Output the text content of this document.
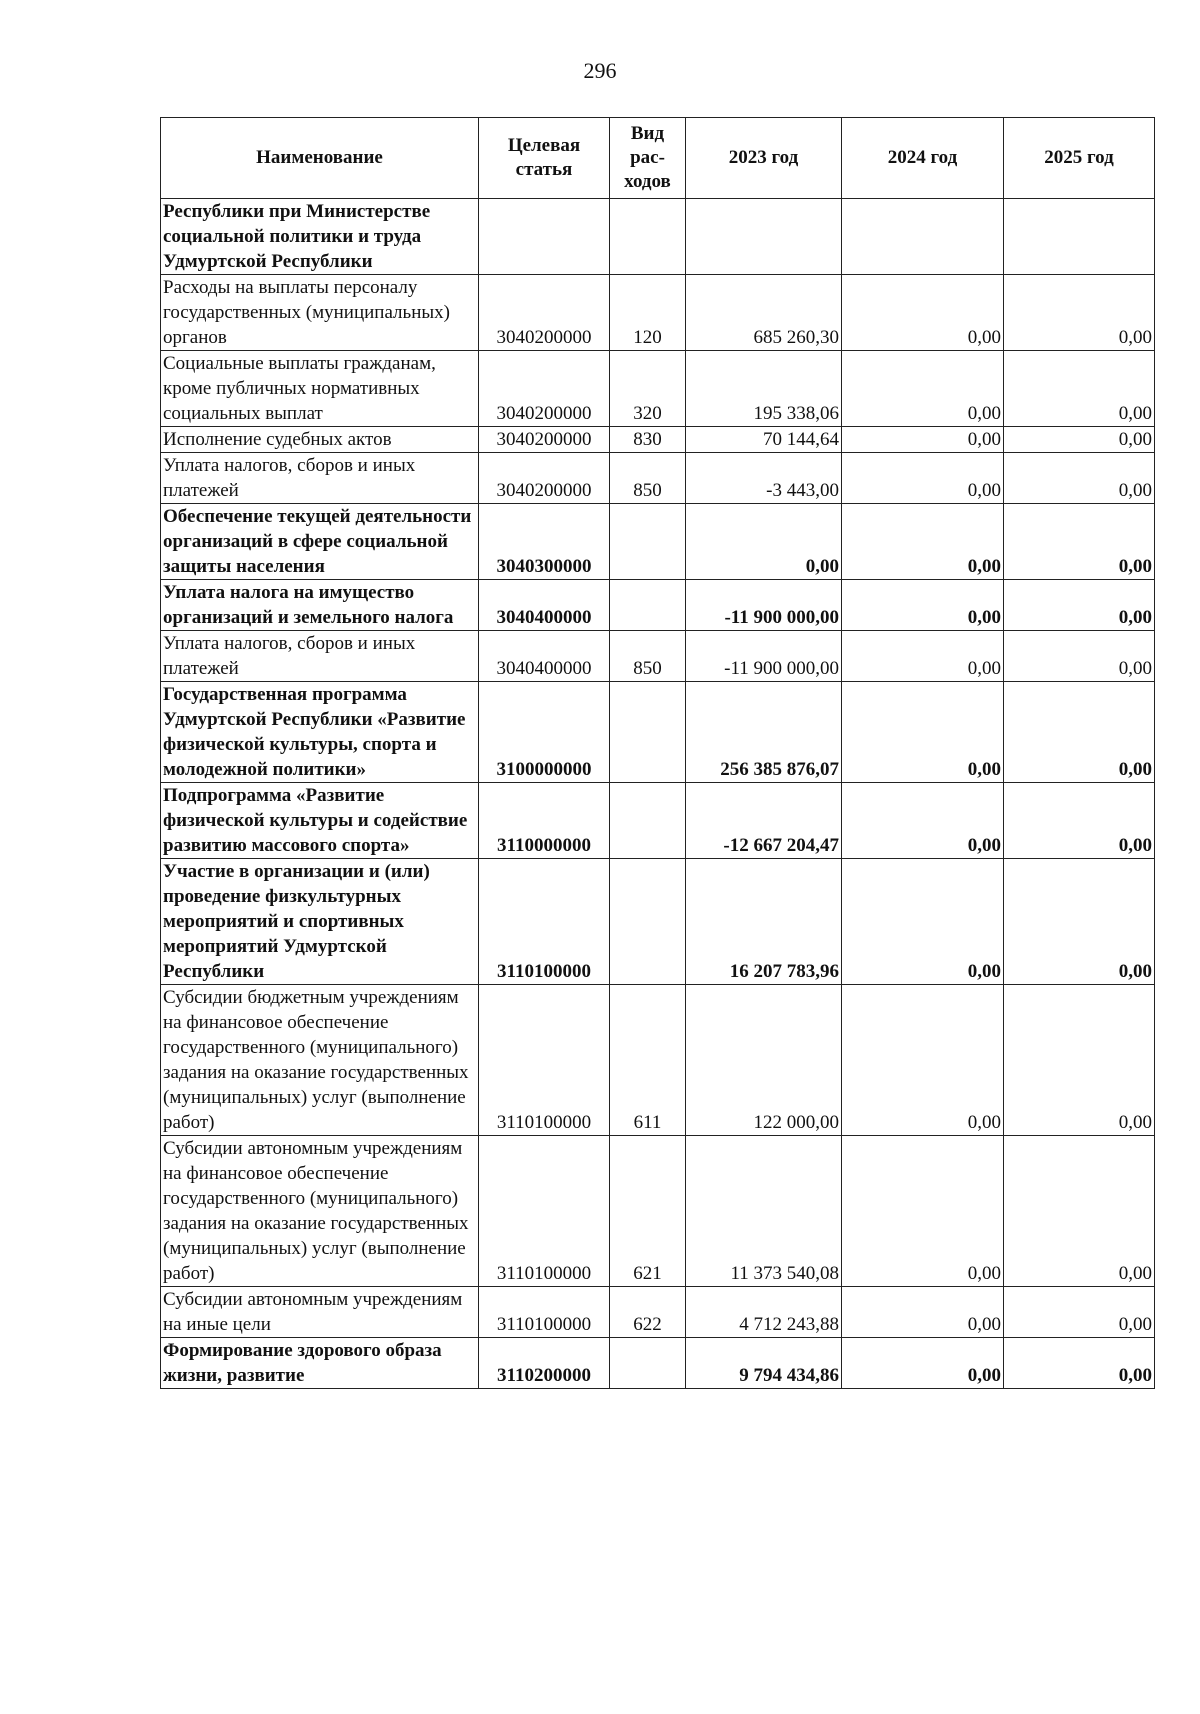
296
Наименование	Целевая статья	Вид рас-ходов	2023 год	2024 год	2025 год
Республики при Министерстве социальной политики и труда Удмуртской Республики					
Расходы на выплаты персоналу государственных (муниципальных) органов	3040200000	120	685 260,30	0,00	0,00
Социальные выплаты гражданам, кроме публичных нормативных социальных выплат	3040200000	320	195 338,06	0,00	0,00
Исполнение судебных актов	3040200000	830	70 144,64	0,00	0,00
Уплата налогов, сборов и иных платежей	3040200000	850	-3 443,00	0,00	0,00
Обеспечение текущей деятельности организаций в сфере социальной защиты населения	3040300000		0,00	0,00	0,00
Уплата налога на имущество организаций и земельного налога	3040400000		-11 900 000,00	0,00	0,00
Уплата налогов, сборов и иных платежей	3040400000	850	-11 900 000,00	0,00	0,00
Государственная программа Удмуртской Республики «Развитие физической культуры, спорта и молодежной политики»	3100000000		256 385 876,07	0,00	0,00
Подпрограмма «Развитие физической культуры и содействие развитию массового спорта»	3110000000		-12 667 204,47	0,00	0,00
Участие в организации и (или) проведение физкультурных мероприятий и спортивных мероприятий Удмуртской Республики	3110100000		16 207 783,96	0,00	0,00
Субсидии бюджетным учреждениям на финансовое обеспечение государственного (муниципального) задания на оказание государственных (муниципальных) услуг (выполнение работ)	3110100000	611	122 000,00	0,00	0,00
Субсидии автономным учреждениям на финансовое обеспечение государственного (муниципального) задания на оказание государственных (муниципальных) услуг (выполнение работ)	3110100000	621	11 373 540,08	0,00	0,00
Субсидии автономным учреждениям на иные цели	3110100000	622	4 712 243,88	0,00	0,00
Формирование здорового образа жизни, развитие	3110200000		9 794 434,86	0,00	0,00
